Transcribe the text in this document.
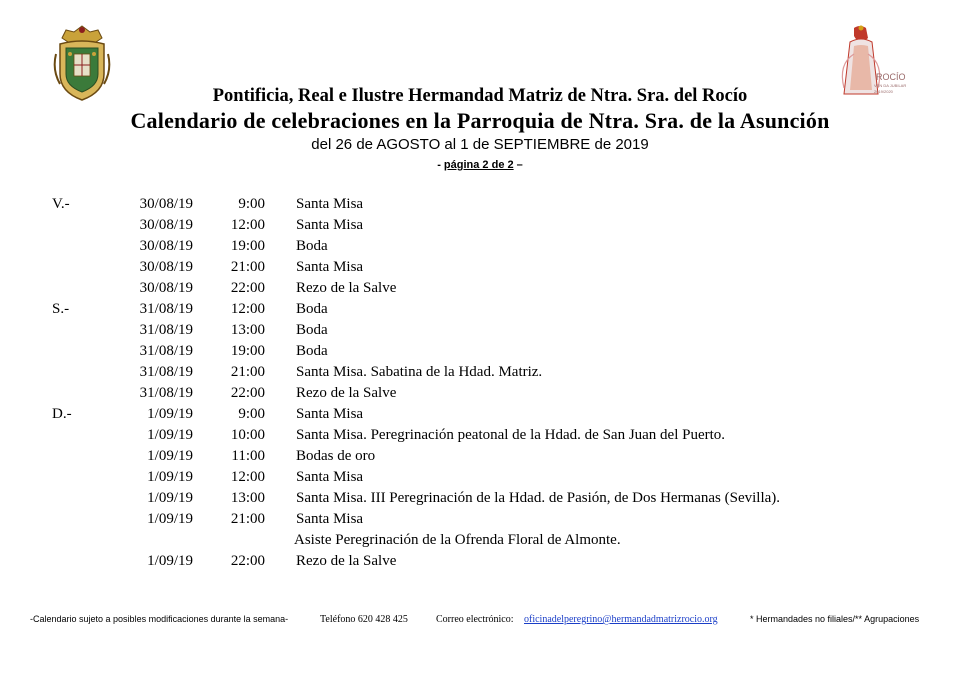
ROCÍO
VEN DA JUBILAR
2019/2020
Pontificia, Real e Ilustre Hermandad Matriz de Ntra. Sra. del Rocío
Calendario de celebraciones en la Parroquia de Ntra. Sra. de la Asunción
del 26 de AGOSTO al 1 de SEPTIEMBRE de 2019
- página 2 de 2 –
V.-	30/08/19	9:00 Santa Misa
30/08/19	12:00 Santa Misa
30/08/19	19:00 Boda
30/08/19	21:00 Santa Misa
30/08/19	22:00 Rezo de la Salve
S.-	31/08/19	12:00 Boda
31/08/19	13:00 Boda
31/08/19	19:00 Boda
31/08/19	21:00 Santa Misa. Sabatina de la Hdad. Matriz.
31/08/19	22:00 Rezo de la Salve
D.-	1/09/19	9:00 Santa Misa
1/09/19	10:00 Santa Misa. Peregrinación peatonal de la Hdad. de San Juan del Puerto.
1/09/19	11:00 Bodas de oro
1/09/19	12:00 Santa Misa
1/09/19	13:00 Santa Misa. III Peregrinación de la Hdad. de Pasión, de Dos Hermanas (Sevilla).
1/09/19	21:00 Santa Misa
Asiste Peregrinación de la Ofrenda Floral de Almonte.
1/09/19	22:00 Rezo de la Salve
-Calendario sujeto a posibles modificaciones durante la semana-	Teléfono 620 428 425	Correo electrónico: oficinadelperegrino@hermandadmatrizrocio.org	* Hermandades no filiales/** Agrupaciones
